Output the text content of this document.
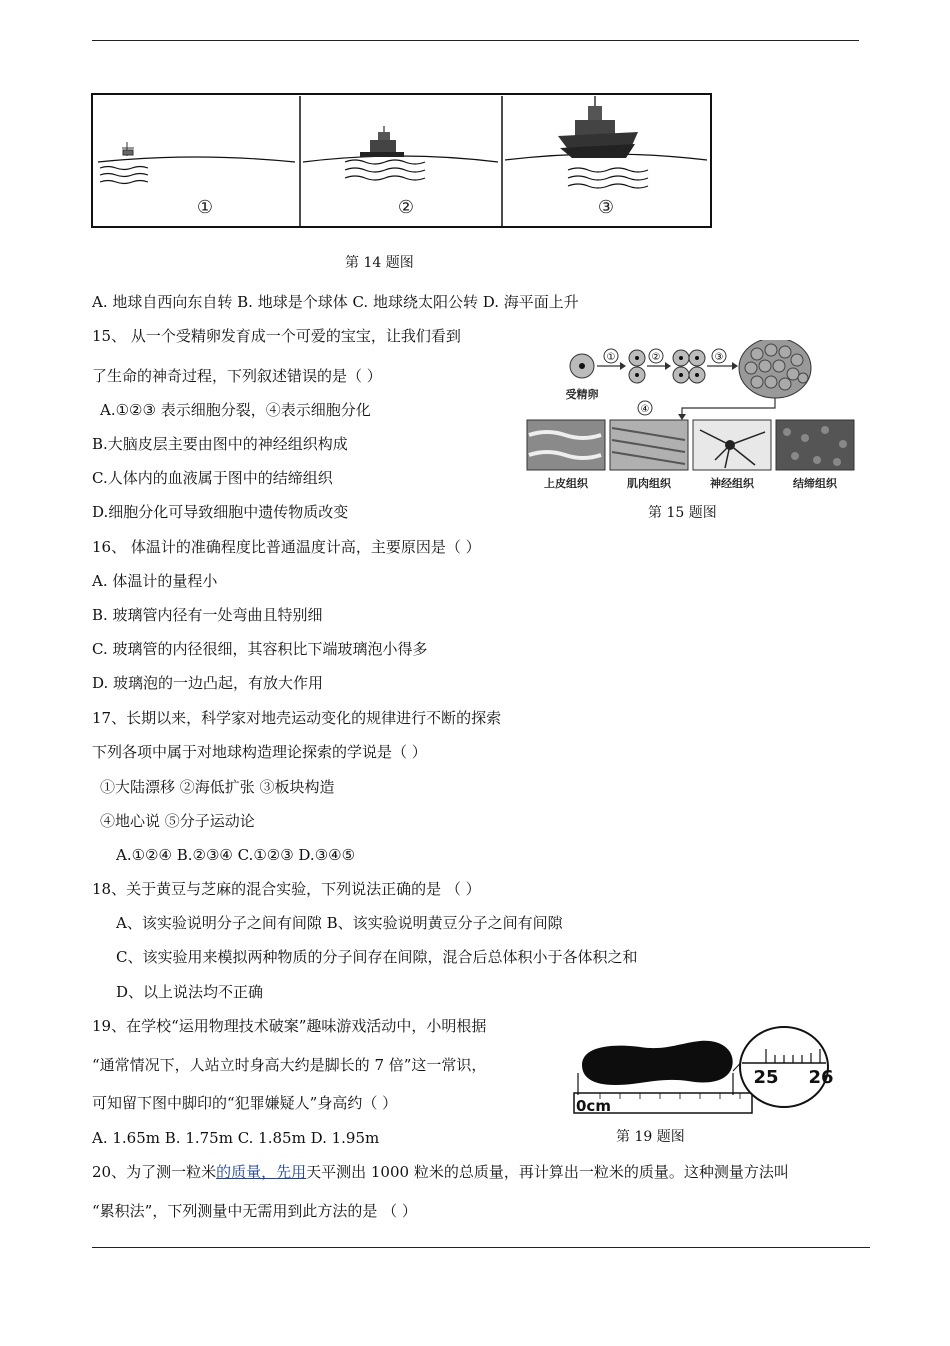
①	②	③
第 14 题图
A. 地球自西向东自转 B. 地球是个球体 C. 地球绕太阳公转 D. 海平面上升
15、 从一个受精卵发育成一个可爱的宝宝，让我们看到
了生命的神奇过程，下列叙述错误的是（ ）
A.①②③ 表示细胞分裂，④表示细胞分化
B.大脑皮层主要由图中的神经组织构成
C.人体内的血液属于图中的结缔组织
D.细胞分化可导致细胞中遗传物质改变
受精卵
①	②	③
④
上皮组织	肌肉组织	神经组织	结缔组织
第 15 题图
16、 体温计的准确程度比普通温度计高，主要原因是（ ）
A. 体温计的量程小
B. 玻璃管内径有一处弯曲且特别细
C. 玻璃管的内径很细，其容积比下端玻璃泡小得多
D. 玻璃泡的一边凸起，有放大作用
17、长期以来，科学家对地壳运动变化的规律进行不断的探索
下列各项中属于对地球构造理论探索的学说是（ ）
①大陆漂移 ②海低扩张 ③板块构造
④地心说 ⑤分子运动论
A.①②④ B.②③④ C.①②③ D.③④⑤
18、关于黄豆与芝麻的混合实验，下列说法正确的是 （ ）
A、该实验说明分子之间有间隙 B、该实验说明黄豆分子之间有间隙
C、该实验用来模拟两种物质的分子间存在间隙，混合后总体积小于各体积之和
D、以上说法均不正确
19、在学校“运用物理技术破案”趣味游戏活动中，小明根据
“通常情况下，人站立时身高大约是脚长的 7 倍”这一常识，
可知留下图中脚印的“犯罪嫌疑人”身高约（ ）
A. 1.65m B. 1.75m C. 1.85m D. 1.95m
0cm
25 26
第 19 题图
20、为了测一粒米的质量，先用天平测出 1000 粒米的总质量，再计算出一粒米的质量。这种测量方法叫
“累积法”，下列测量中无需用到此方法的是 （ ）
